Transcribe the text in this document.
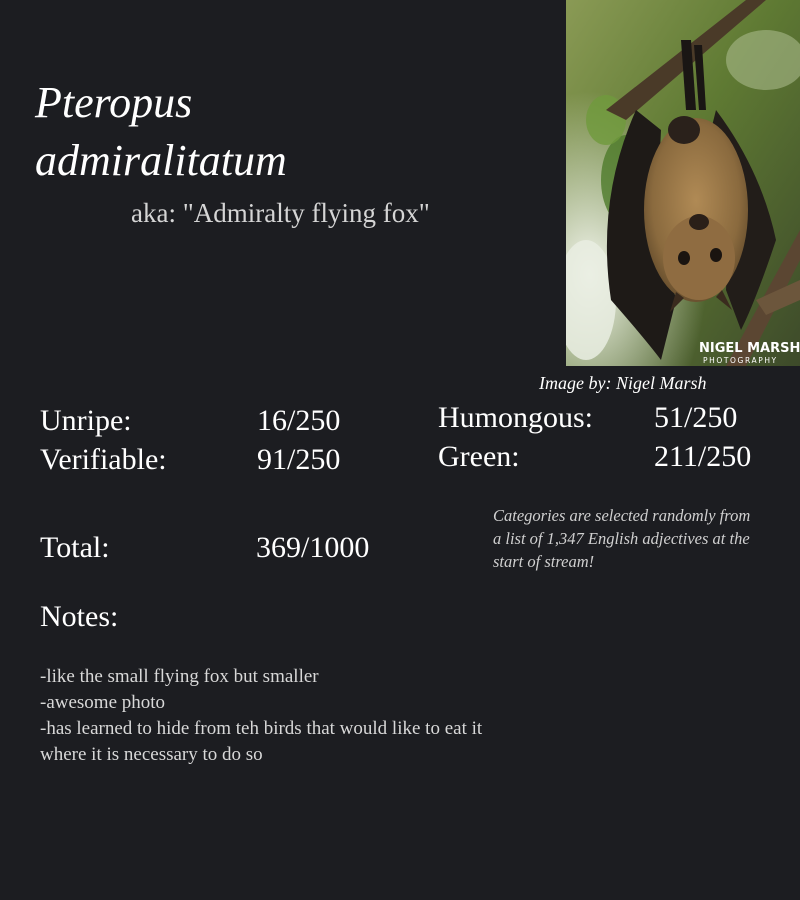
Pteropus admiralitatum
aka: "Admiralty flying fox"
NIGEL MARSH
PHOTOGRAPHY
Image by: Nigel Marsh
Unripe:	16/250
Verifiable:	91/250
Humongous: 51/250
Green:	211/250
Total:	369/1000
Categories are selected randomly from a list of 1,347 English adjectives at the start of stream!
Notes:
-like the small flying fox but smaller
-awesome photo
-has learned to hide from teh birds that would like to eat it where it is necessary to do so
